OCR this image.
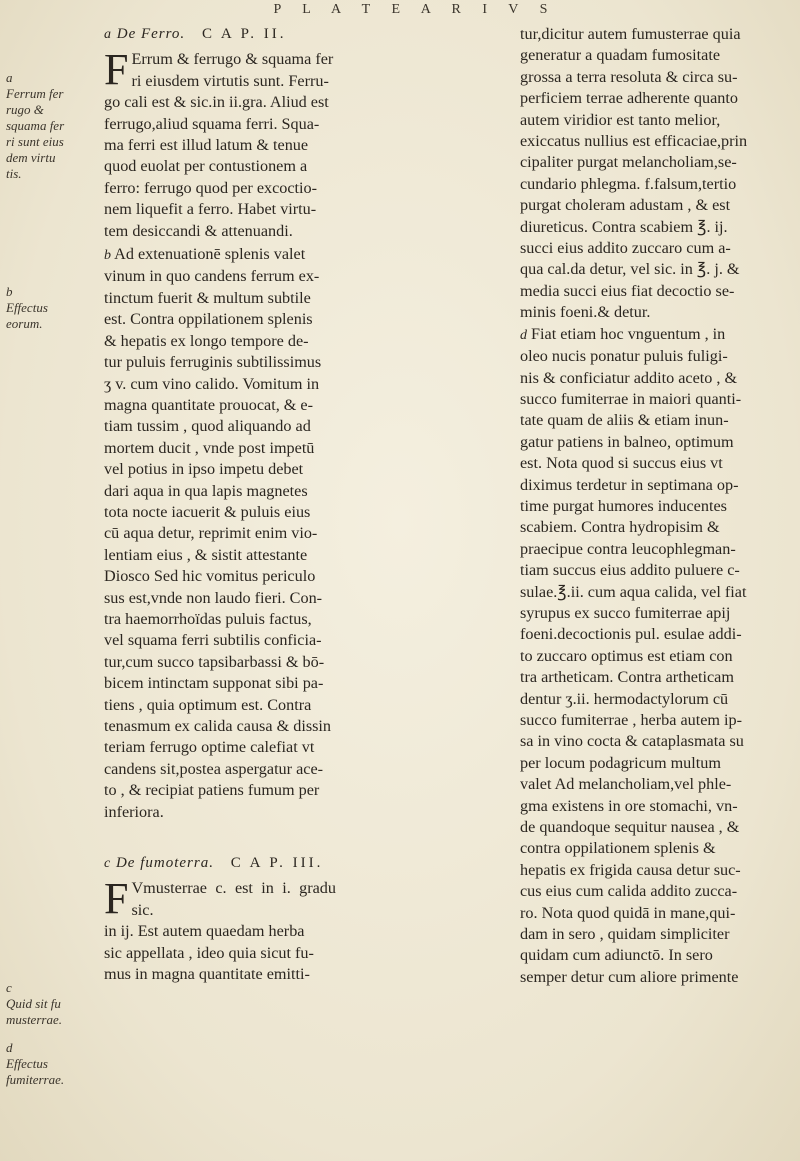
P L A T E A R I V S
a
Ferrum fer
rugo &
squama fer
ri sunt eius
dem virtu
tis.
b
Effectus
eorum.
c
Quid sit fu
musterrae.
d
Effectus
fumiterrae.
a De Ferro. C A P. II.

F Errum & ferrugo & squama fer
ri eiusdem virtutis sunt. Ferru-
go cali est & sic.in ii.gra. Aliud est
ferrugo,aliud squama ferri. Squa-
ma ferri est illud latum & tenue
quod euolat per contustionem a
ferro: ferrugo quod per excoctio-
nem liquefit a ferro. Habet virtu-
tem desiccandi & attenuandi.

b Ad extenuationē splenis valet
vinum in quo candens ferrum ex-
tinctum fuerit & multum subtile
est. Contra oppilationem splenis
& hepatis ex longo tempore de-
tur puluis ferruginis subtilissimus
ʒ v. cum vino calido. Vomitum in
magna quantitate prouocat, & e-
tiam tussim , quod aliquando ad
mortem ducit , vnde post impetū
vel potius in ipso impetu debet
dari aqua in qua lapis magnetes
tota nocte iacuerit & puluis eius
cū aqua detur, reprimit enim vio-
lentiam eius , & sistit attestante
Diosco Sed hic vomitus periculo
sus est,vnde non laudo fieri. Con-
tra haemorrhoïdas puluis factus,
vel squama ferri subtilis conficia-
tur,cum succo tapsibarbassi & bō-
bicem intinctam supponat sibi pa-
tiens , quia optimum est. Contra
tenasmum ex calida causa & dissin
teriam ferrugo optime calefiat vt
candens sit,postea aspergatur ace-
to , & recipiat patiens fumum per
inferiora.

c De fumoterra. C A P. III.

F Vmusterrae c. est in i. gradu sic.
in ij. Est autem quaedam herba
sic appellata , ideo quia sicut fu-
mus in magna quantitate emitti-

tur,dicitur autem fumusterrae quia
generatur a quadam fumositate
grossa a terra resoluta & circa su-
perficiem terrae adherente quanto
autem viridior est tanto melior,
exiccatus nullius est efficaciae,prin
cipaliter purgat melancholiam,se-
cundario phlegma. f.falsum,tertio
purgat choleram adustam , & est
diureticus. Contra scabiem ℥. ij.
succi eius addito zuccaro cum a-
qua cal.da detur, vel sic. in ℥. j. &
media succi eius fiat decoctio se-
minis foeni.& detur.

d Fiat etiam hoc vnguentum , in
oleo nucis ponatur puluis fuligi-
nis & conficiatur addito aceto , &
succo fumiterrae in maiori quanti-
tate quam de aliis & etiam inun-
gatur patiens in balneo, optimum
est. Nota quod si succus eius vt
diximus terdetur in septimana op-
time purgat humores inducentes
scabiem. Contra hydropisim &
praecipue contra leucophlegman-
tiam succus eius addito puluere c-
sulae.℥.ii. cum aqua calida, vel fiat
syrupus ex succo fumiterrae apij
foeni.decoctionis pul. esulae addi-
to zuccaro optimus est etiam con
tra artheticam. Contra artheticam
dentur ʒ.ii. hermodactylorum cū
succo fumiterrae , herba autem ip-
sa in vino cocta & cataplasmata su
per locum podagricum multum
valet Ad melancholiam,vel phle-
gma existens in ore stomachi, vn-
de quandoque sequitur nausea , &
contra oppilationem splenis &
hepatis ex frigida causa detur suc-
cus eius cum calida addito zucca-
ro. Nota quod quidā in mane,qui-
dam in sero , quidam simpliciter
quidam cum adiunctō. In sero
semper detur cum aliore primente
